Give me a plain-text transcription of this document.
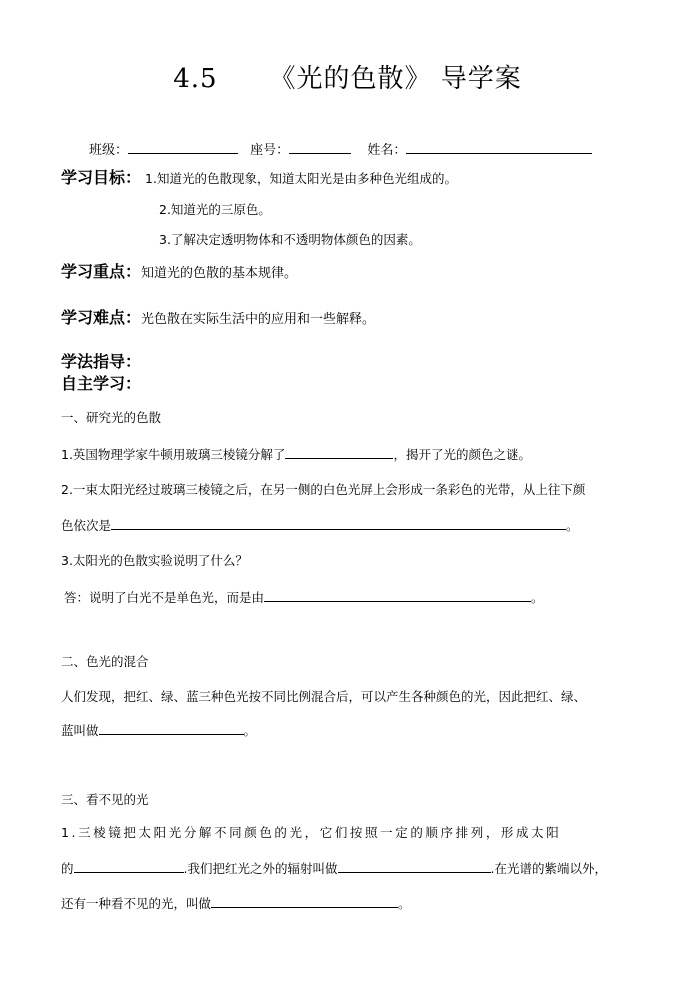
4.5 《光的色散》 导学案
班级：	座号：	姓名：
学习目标： 1.知道光的色散现象，知道太阳光是由多种色光组成的。
2.知道光的三原色。
3.了解决定透明物体和不透明物体颜色的因素。
学习重点：知道光的色散的基本规律。
学习难点：光色散在实际生活中的应用和一些解释。
学法指导：
自主学习：
一、研究光的色散
1.英国物理学家牛顿用玻璃三棱镜分解了	，揭开了光的颜色之谜。
2.一束太阳光经过玻璃三棱镜之后，在另一侧的白色光屏上会形成一条彩色的光带，从上往下颜
色依次是	。
3.太阳光的色散实验说明了什么？
答：说明了白光不是单色光，而是由	。
二、色光的混合
人们发现，把红、绿、蓝三种色光按不同比例混合后，可以产生各种颜色的光，因此把红、绿、
蓝叫做	。
三、看不见的光
1.三棱镜把太阳光分解不同颜色的光，它们按照一定的顺序排列，形成太阳
的	.我们把红光之外的辐射叫做	.在光谱的紫端以外，
还有一种看不见的光，叫做	。
